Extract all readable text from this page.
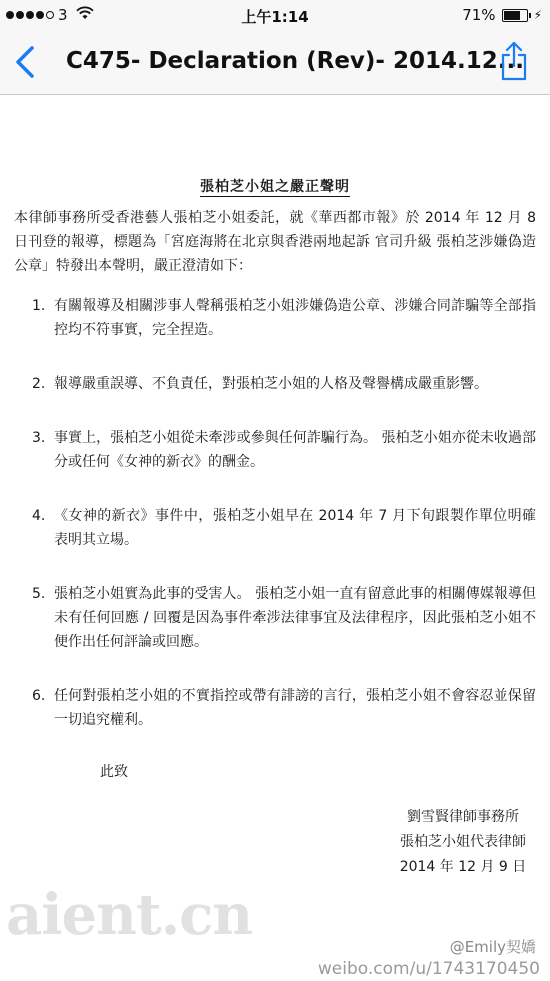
3	上午1:14	71%	⚡
C475- Declaration (Rev)- 2014.12...
張柏芝小姐之嚴正聲明
本律師事務所受香港藝人張柏芝小姐委託，就《華西都市報》於 2014 年 12 月 8 日刊登的報導，標題為「宮庭海將在北京與香港兩地起訴 官司升級 張柏芝涉嫌偽造公章」特發出本聲明，嚴正澄清如下：
1. 有關報導及相關涉事人聲稱張柏芝小姐涉嫌偽造公章、涉嫌合同詐騙等全部指控均不符事實，完全捏造。
2. 報導嚴重誤導、不負責任，對張柏芝小姐的人格及聲譽構成嚴重影響。
3. 事實上，張柏芝小姐從未牽涉或參與任何詐騙行為。 張柏芝小姐亦從未收過部分或任何《女神的新衣》的酬金。
4. 《女神的新衣》事件中，張柏芝小姐早在 2014 年 7 月下旬跟製作單位明確表明其立場。
5. 張柏芝小姐實為此事的受害人。 張柏芝小姐一直有留意此事的相關傳媒報導但未有任何回應 / 回覆是因為事件牽涉法律事宜及法律程序，因此張柏芝小姐不便作出任何評論或回應。
6. 任何對張柏芝小姐的不實指控或帶有誹謗的言行，張柏芝小姐不會容忍並保留一切追究權利。
此致
劉雪賢律師事務所
張柏芝小姐代表律師
2014 年 12 月 9 日
aient.cn	@Emily契嬌
weibo.com/u/1743170450
